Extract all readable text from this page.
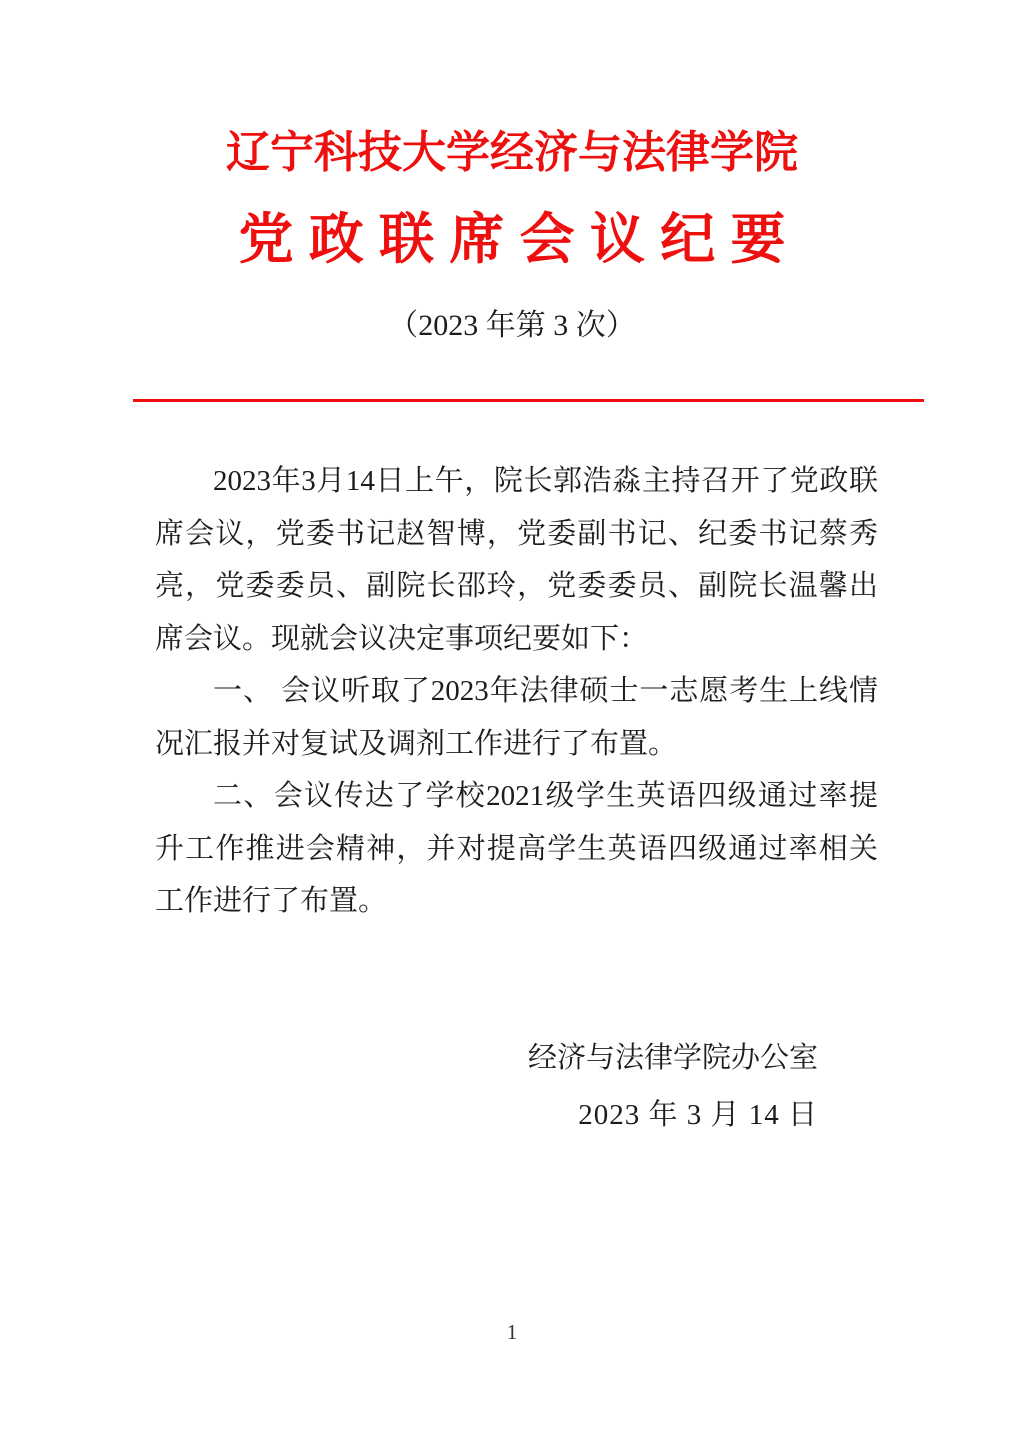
辽宁科技大学经济与法律学院
党 政 联 席 会 议 纪 要
（2023 年第 3 次）

2023年3月14日上午，院长郭浩淼主持召开了党政联席会议，党委书记赵智博，党委副书记、纪委书记蔡秀亮，党委委员、副院长邵玲，党委委员、副院长温馨出席会议。现就会议决定事项纪要如下：

一、 会议听取了2023年法律硕士一志愿考生上线情况汇报并对复试及调剂工作进行了布置。

二、会议传达了学校2021级学生英语四级通过率提升工作推进会精神，并对提高学生英语四级通过率相关工作进行了布置。

经济与法律学院办公室
2023 年 3 月 14 日
1
